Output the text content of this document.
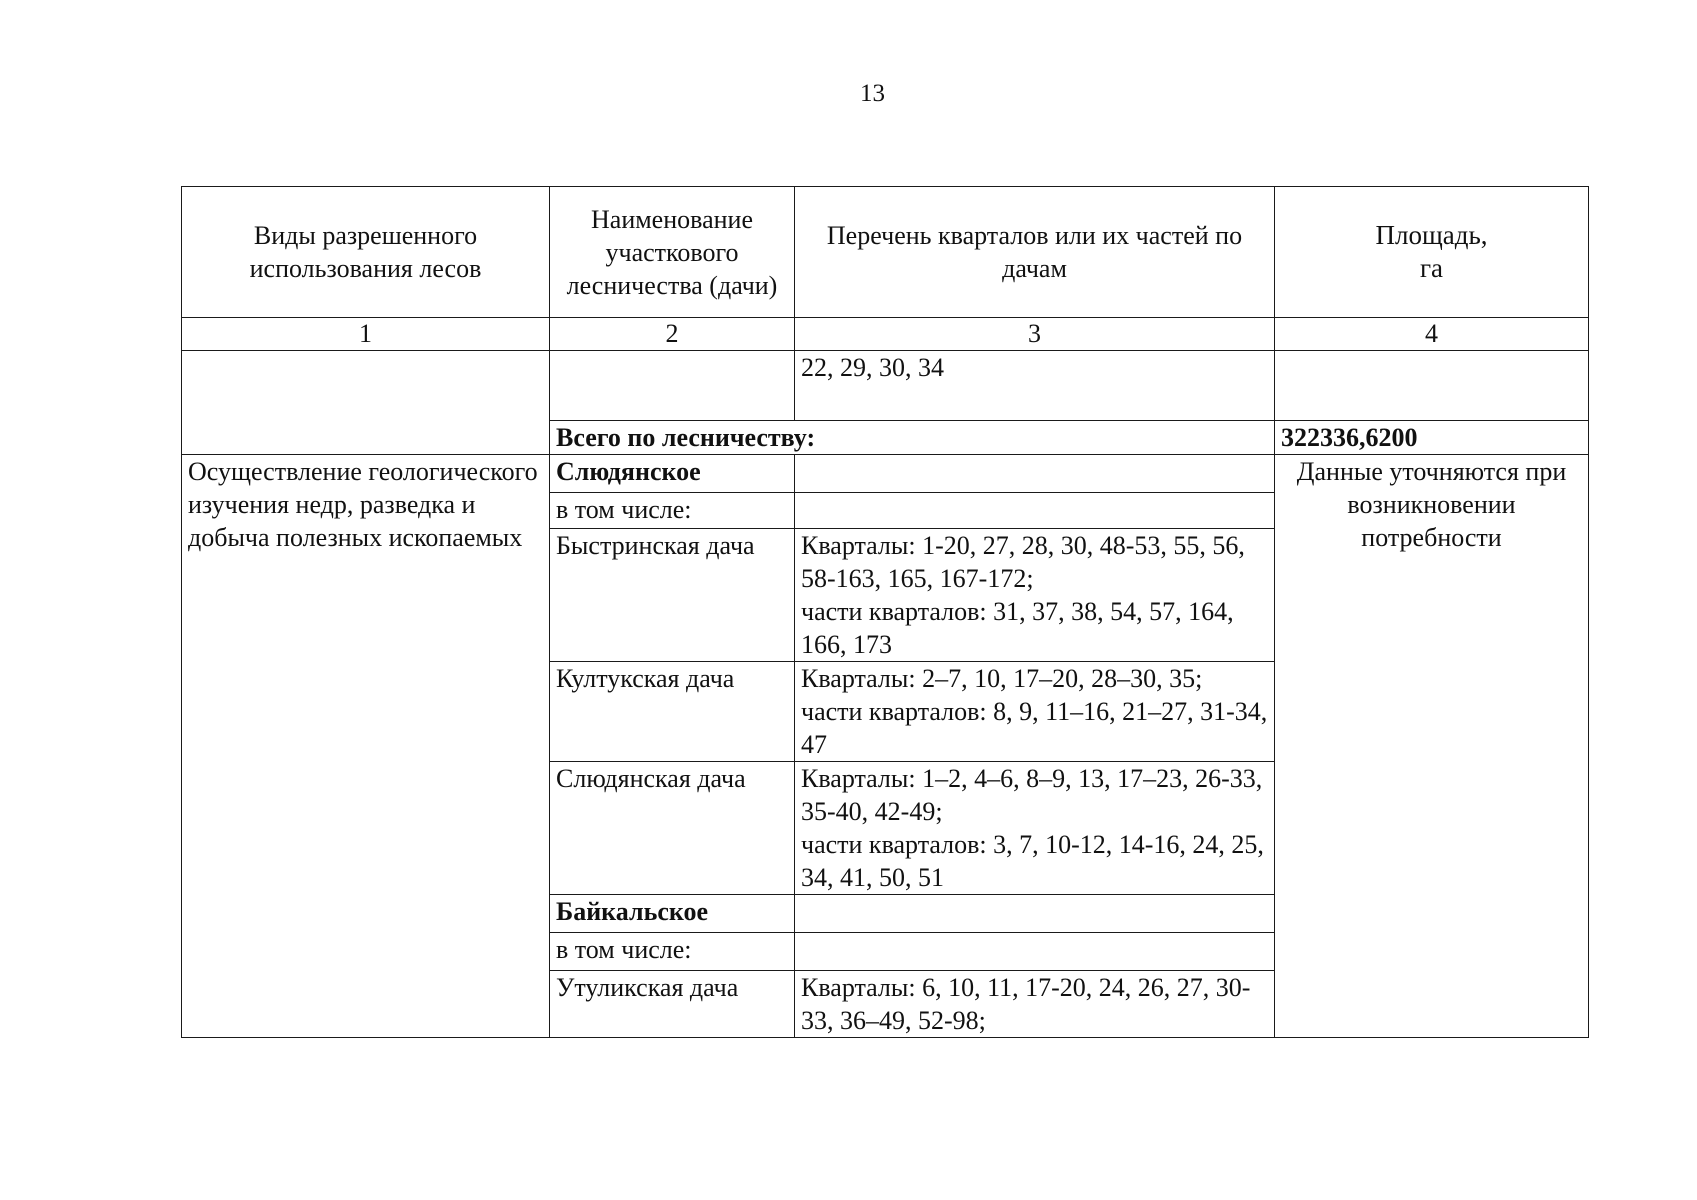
13
Виды разрешенного использования лесов	Наименование участкового лесничества (дачи)	Перечень кварталов или их частей по дачам	Площадь,
га
1	2	3	4
		22, 29, 30, 34	
	Всего по лесничеству:		322336,6200
Осуществление геологического изучения недр, разведка и добыча полезных ископаемых	Слюдянское		Данные уточняются при возникновении потребности
	в том числе:		
	Быстринская дача	Кварталы: 1-20, 27, 28, 30, 48-53, 55, 56, 58-163, 165, 167-172;
части кварталов: 31, 37, 38, 54, 57, 164, 166, 173	
	Култукская дача	Кварталы: 2–7, 10, 17–20, 28–30, 35;
части кварталов: 8, 9, 11–16, 21–27, 31-34, 47	
	Слюдянская дача	Кварталы: 1–2, 4–6, 8–9, 13, 17–23, 26-33, 35-40, 42-49;
части кварталов: 3, 7, 10-12, 14-16, 24, 25, 34, 41, 50, 51	
	Байкальское		
	в том числе:		
	Утуликская дача	Кварталы: 6, 10, 11, 17-20, 24, 26, 27, 30-33, 36–49, 52-98;	
